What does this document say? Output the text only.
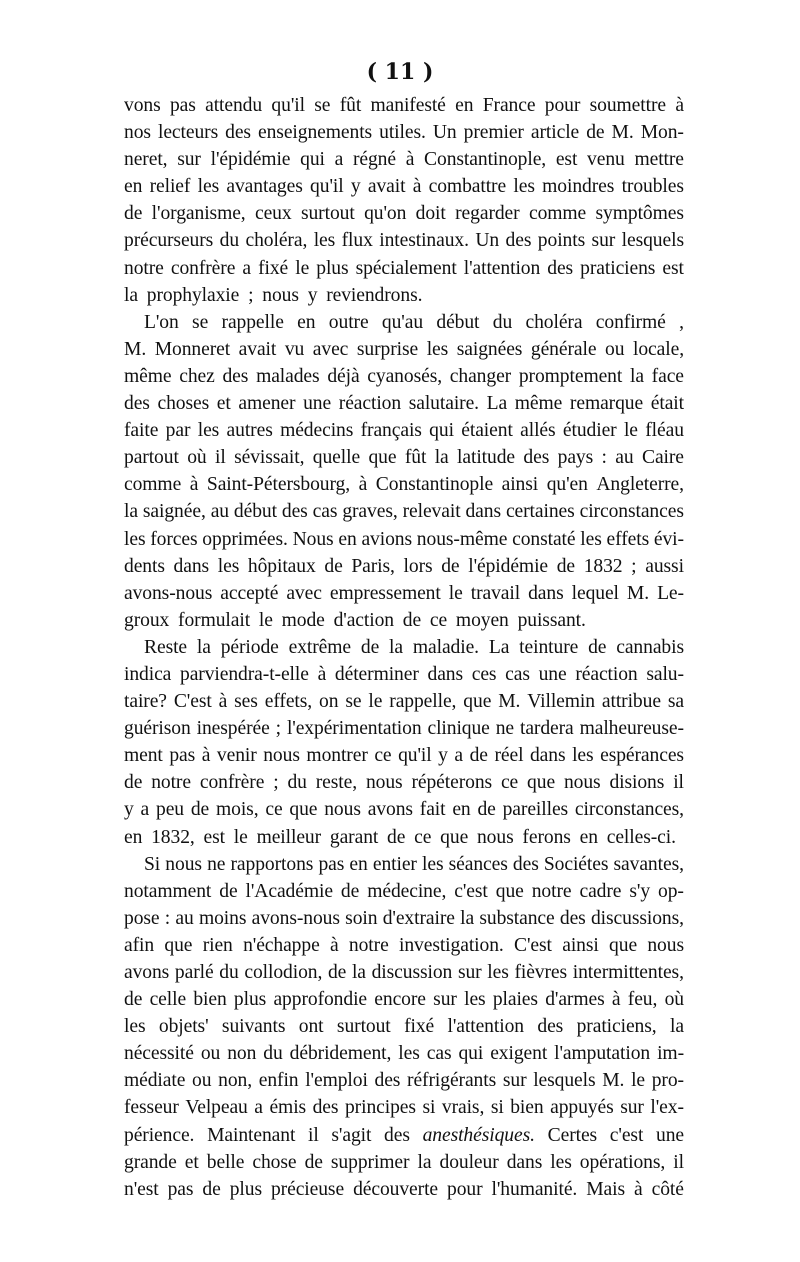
( 11 )
vons pas attendu qu'il se fût manifesté en France pour soumettre à
nos lecteurs des enseignements utiles. Un premier article de M. Mon-
neret, sur l'épidémie qui a régné à Constantinople, est venu mettre
en relief les avantages qu'il y avait à combattre les moindres troubles
de l'organisme, ceux surtout qu'on doit regarder comme symptômes
précurseurs du choléra, les flux intestinaux. Un des points sur lesquels
notre confrère a fixé le plus spécialement l'attention des praticiens est
la prophylaxie ; nous y reviendrons.
L'on se rappelle en outre qu'au début du choléra confirmé ,
M. Monneret avait vu avec surprise les saignées générale ou locale,
même chez des malades déjà cyanosés, changer promptement la face
des choses et amener une réaction salutaire. La même remarque était
faite par les autres médecins français qui étaient allés étudier le fléau
partout où il sévissait, quelle que fût la latitude des pays : au Caire
comme à Saint-Pétersbourg, à Constantinople ainsi qu'en Angleterre,
la saignée, au début des cas graves, relevait dans certaines circonstances
les forces opprimées. Nous en avions nous-même constaté les effets évi-
dents dans les hôpitaux de Paris, lors de l'épidémie de 1832 ; aussi
avons-nous accepté avec empressement le travail dans lequel M. Le-
groux formulait le mode d'action de ce moyen puissant.
Reste la période extrême de la maladie. La teinture de cannabis
indica parviendra-t-elle à déterminer dans ces cas une réaction salu-
taire? C'est à ses effets, on se le rappelle, que M. Villemin attribue sa
guérison inespérée ; l'expérimentation clinique ne tardera malheureuse-
ment pas à venir nous montrer ce qu'il y a de réel dans les espérances
de notre confrère ; du reste, nous répéterons ce que nous disions il
y a peu de mois, ce que nous avons fait en de pareilles circonstances,
en 1832, est le meilleur garant de ce que nous ferons en celles-ci.
Si nous ne rapportons pas en entier les séances des Sociétes savantes,
notamment de l'Académie de médecine, c'est que notre cadre s'y op-
pose : au moins avons-nous soin d'extraire la substance des discussions,
afin que rien n'échappe à notre investigation. C'est ainsi que nous
avons parlé du collodion, de la discussion sur les fièvres intermittentes,
de celle bien plus approfondie encore sur les plaies d'armes à feu, où
les objets' suivants ont surtout fixé l'attention des praticiens, la
nécessité ou non du débridement, les cas qui exigent l'amputation im-
médiate ou non, enfin l'emploi des réfrigérants sur lesquels M. le pro-
fesseur Velpeau a émis des principes si vrais, si bien appuyés sur l'ex-
périence. Maintenant il s'agit des anesthésiques. Certes c'est une
grande et belle chose de supprimer la douleur dans les opérations, il
n'est pas de plus précieuse découverte pour l'humanité. Mais à côté
